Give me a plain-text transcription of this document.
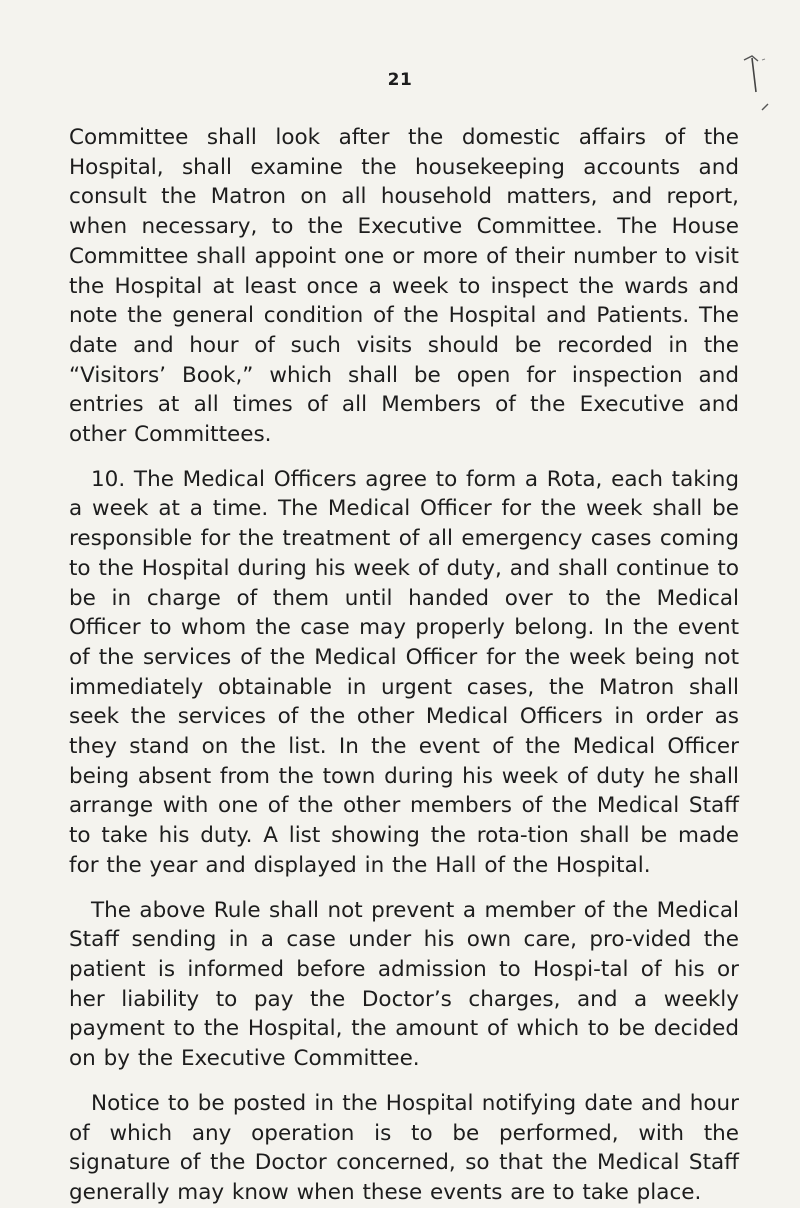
21

Committee shall look after the domestic affairs of the Hospital, shall examine the housekeeping accounts and consult the Matron on all household matters, and report, when necessary, to the Executive Committee. The House Committee shall appoint one or more of their number to visit the Hospital at least once a week to inspect the wards and note the general condition of the Hospital and Patients. The date and hour of such visits should be recorded in the “Visitors’ Book,” which shall be open for inspection and entries at all times of all Members of the Executive and other Committees.

10. The Medical Officers agree to form a Rota, each taking a week at a time. The Medical Officer for the week shall be responsible for the treatment of all emergency cases coming to the Hospital during his week of duty, and shall continue to be in charge of them until handed over to the Medical Officer to whom the case may properly belong. In the event of the services of the Medical Officer for the week being not immediately obtainable in urgent cases, the Matron shall seek the services of the other Medical Officers in order as they stand on the list. In the event of the Medical Officer being absent from the town during his week of duty he shall arrange with one of the other members of the Medical Staff to take his duty. A list showing the rota-tion shall be made for the year and displayed in the Hall of the Hospital.

The above Rule shall not prevent a member of the Medical Staff sending in a case under his own care, pro-vided the patient is informed before admission to Hospi-tal of his or her liability to pay the Doctor’s charges, and a weekly payment to the Hospital, the amount of which to be decided on by the Executive Committee.

Notice to be posted in the Hospital notifying date and hour of which any operation is to be performed, with the signature of the Doctor concerned, so that the Medical Staff generally may know when these events are to take place.
